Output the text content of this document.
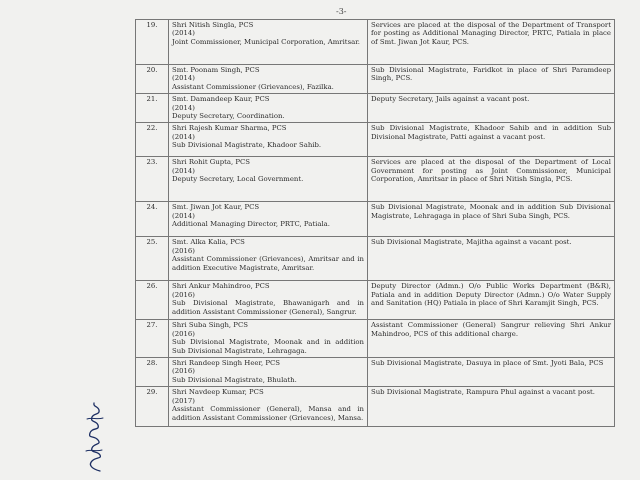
-3-
19.	Shri Nitish Singla, PCS
(2014)
Joint Commissioner, Municipal Corporation, Amritsar.	Services are placed at the disposal of the Department of Transport for posting as Additional Managing Director, PRTC, Patiala in place of Smt. Jiwan Jot Kaur, PCS.
20.	Smt. Poonam Singh, PCS
(2014)
Assistant Commissioner (Grievances), Fazilka.	Sub Divisional Magistrate, Faridkot in place of Shri Paramdeep Singh, PCS.
21.	Smt. Damandeep Kaur, PCS
(2014)
Deputy Secretary, Coordination.	Deputy Secretary, Jails against a vacant post.
22.	Shri Rajesh Kumar Sharma, PCS
(2014)
Sub Divisional Magistrate, Khadoor Sahib.	Sub Divisional Magistrate, Khadoor Sahib and in addition Sub Divisional Magistrate, Patti against a vacant post.
23.	Shri Rohit Gupta, PCS
(2014)
Deputy Secretary, Local Government.	Services are placed at the disposal of the Department of Local Government for posting as Joint Commissioner, Municipal Corporation, Amritsar in place of Shri Nitish Singla, PCS.
24.	Smt. Jiwan Jot Kaur, PCS
(2014)
Additional Managing Director, PRTC, Patiala.	Sub Divisional Magistrate, Moonak and in addition Sub Divisional Magistrate, Lehragaga in place of Shri Suba Singh, PCS.
25.	Smt. Alka Kalia, PCS
(2016)
Assistant Commissioner (Grievances), Amritsar and in addition Executive Magistrate, Amritsar.	Sub Divisional Magistrate, Majitha against a vacant post.
26.	Shri Ankur Mahindroo, PCS
(2016)
Sub Divisional Magistrate, Bhawanigarh and in addition Assistant Commissioner (General), Sangrur.	Deputy Director (Admn.) O/o Public Works Department (B&R), Patiala and in addition Deputy Director (Admn.) O/o Water Supply and Sanitation (HQ) Patiala in place of Shri Karamjit Singh, PCS.
27.	Shri Suba Singh, PCS
(2016)
Sub Divisional Magistrate, Moonak and in addition Sub Divisional Magistrate, Lehragaga.	Assistant Commissioner (General) Sangrur relieving Shri Ankur Mahindroo, PCS of this additional charge.
28.	Shri Randeep Singh Heer, PCS
(2016)
Sub Divisional Magistrate, Bhulath.	Sub Divisional Magistrate, Dasuya in place of Smt. Jyoti Bala, PCS
29.	Shri Navdeep Kumar, PCS
(2017)
Assistant Commissioner (General), Mansa and in addition Assistant Commissioner (Grievances), Mansa.	Sub Divisional Magistrate, Rampura Phul against a vacant post.
